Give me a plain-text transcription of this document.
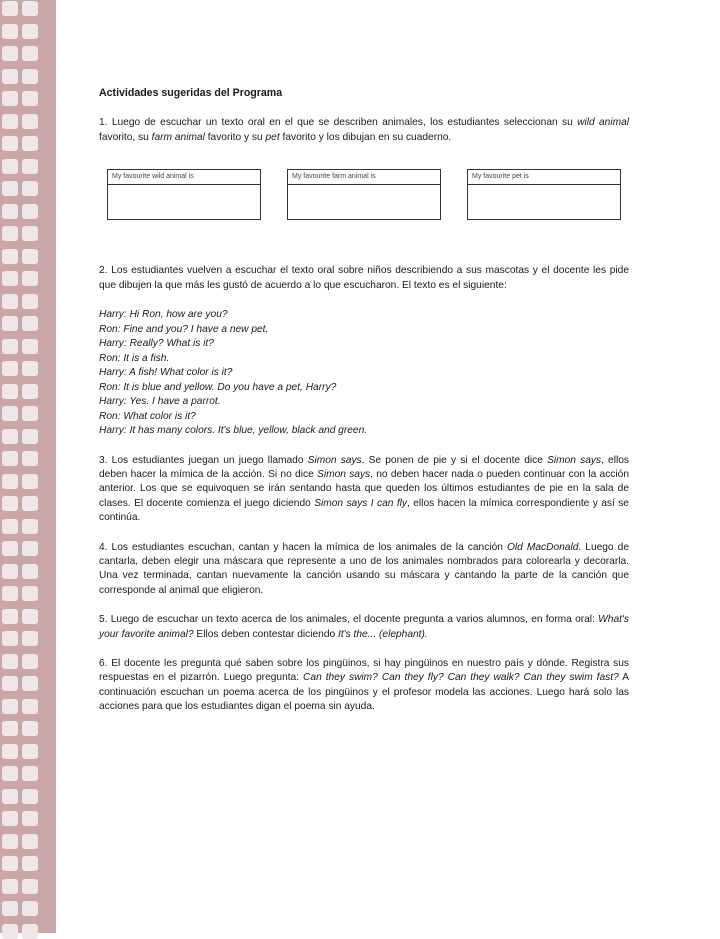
Actividades sugeridas del Programa
1. Luego de escuchar un texto oral en el que se describen animales, los estudiantes seleccionan su wild animal favorito, su farm animal favorito y su pet favorito y los dibujan en su cuaderno.
My favourite wild animal is	My favourite farm animal is	My favourite pet is
2. Los estudiantes vuelven a escuchar el texto oral sobre niños describiendo a sus mascotas y el docente les pide que dibujen la que más les gustó de acuerdo a lo que escucharon. El texto es el siguiente:
Harry: Hi Ron, how are you?
Ron: Fine and you? I have a new pet.
Harry: Really? What is it?
Ron: It is a fish.
Harry: A fish! What color is it?
Ron: It is blue and yellow. Do you have a pet, Harry?
Harry: Yes. I have a parrot.
Ron: What color is it?
Harry: It has many colors. It's blue, yellow, black and green.
3. Los estudiantes juegan un juego llamado Simon says. Se ponen de pie y si el docente dice Simon says, ellos deben hacer la mímica de la acción. Si no dice Simon says, no deben hacer nada o pueden continuar con la acción anterior. Los que se equivoquen se irán sentando hasta que queden los últimos estudiantes de pie en la sala de clases. El docente comienza el juego diciendo Simon says I can fly, ellos hacen la mímica correspondiente y así se continúa.
4. Los estudiantes escuchan, cantan y hacen la mímica de los animales de la canción Old MacDonald. Luego de cantarla, deben elegir una máscara que represente a uno de los animales nombrados para colorearla y decorarla. Una vez terminada, cantan nuevamente la canción usando su máscara y cantando la parte de la canción que corresponde al animal que eligieron.
5. Luego de escuchar un texto acerca de los animales, el docente pregunta a varios alumnos, en forma oral: What's your favorite animal? Ellos deben contestar diciendo It's the... (elephant).
6. El docente les pregunta qué saben sobre los pingüinos, si hay pingüinos en nuestro país y dónde. Registra sus respuestas en el pizarrón. Luego pregunta: Can they swim? Can they fly? Can they walk? Can they swim fast? A continuación escuchan un poema acerca de los pingüinos y el profesor modela las acciones. Luego hará solo las acciones para que los estudiantes digan el poema sin ayuda.
